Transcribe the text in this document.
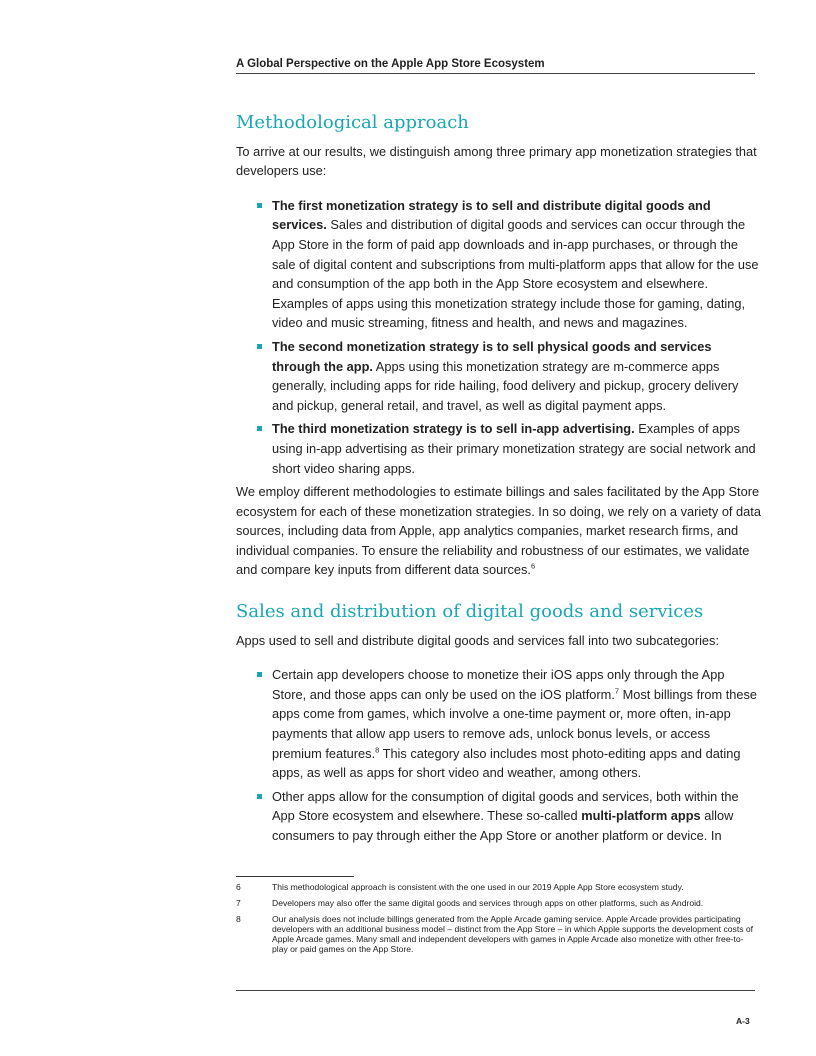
A Global Perspective on the Apple App Store Ecosystem
Methodological approach

To arrive at our results, we distinguish among three primary app monetization strategies that developers use:

The first monetization strategy is to sell and distribute digital goods and services. Sales and distribution of digital goods and services can occur through the App Store in the form of paid app downloads and in-app purchases, or through the sale of digital content and subscriptions from multi-platform apps that allow for the use and consumption of the app both in the App Store ecosystem and elsewhere. Examples of apps using this monetization strategy include those for gaming, dating, video and music streaming, fitness and health, and news and magazines.
The second monetization strategy is to sell physical goods and services through the app. Apps using this monetization strategy are m-commerce apps generally, including apps for ride hailing, food delivery and pickup, grocery delivery and pickup, general retail, and travel, as well as digital payment apps.
The third monetization strategy is to sell in-app advertising. Examples of apps using in-app advertising as their primary monetization strategy are social network and short video sharing apps.

We employ different methodologies to estimate billings and sales facilitated by the App Store ecosystem for each of these monetization strategies. In so doing, we rely on a variety of data sources, including data from Apple, app analytics companies, market research firms, and individual companies. To ensure the reliability and robustness of our estimates, we validate and compare key inputs from different data sources.$^6$

Sales and distribution of digital goods and services

Apps used to sell and distribute digital goods and services fall into two subcategories:

Certain app developers choose to monetize their iOS apps only through the App Store, and those apps can only be used on the iOS platform.$^7$ Most billings from these apps come from games, which involve a one-time payment or, more often, in-app payments that allow app users to remove ads, unlock bonus levels, or access premium features.$^8$ This category also includes most photo-editing apps and dating apps, as well as apps for short video and weather, among others.
Other apps allow for the consumption of digital goods and services, both within the App Store ecosystem and elsewhere. These so-called multi-platform apps allow consumers to pay through either the App Store or another platform or device. In
6	This methodological approach is consistent with the one used in our 2019 Apple App Store ecosystem study.
7	Developers may also offer the same digital goods and services through apps on other platforms, such as Android.
8	Our analysis does not include billings generated from the Apple Arcade gaming service. Apple Arcade provides participating developers with an additional business model – distinct from the App Store – in which Apple supports the development costs of Apple Arcade games. Many small and independent developers with games in Apple Arcade also monetize with other free-to-play or paid games on the App Store.
A-3
